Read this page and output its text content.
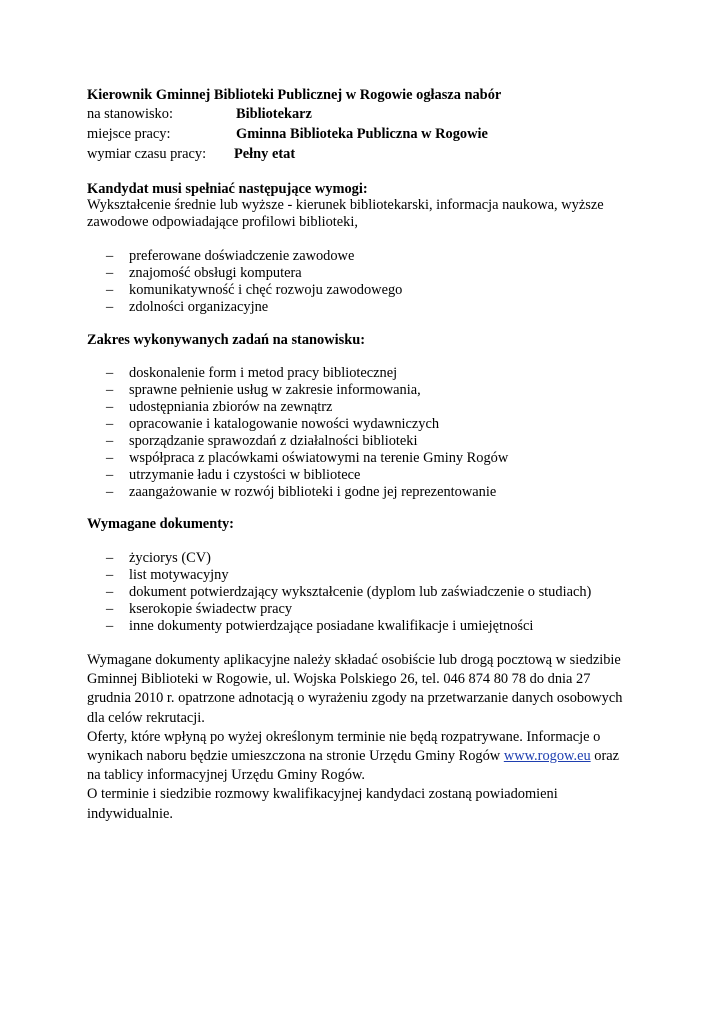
Kierownik Gminnej Biblioteki Publicznej w Rogowie ogłasza nabór
na stanowisko:	Bibliotekarz
miejsce pracy:	Gminna Biblioteka Publiczna w Rogowie
wymiar czasu pracy: Pełny etat
Kandydat musi spełniać następujące wymogi:
Wykształcenie średnie lub wyższe - kierunek bibliotekarski, informacja naukowa, wyższe
zawodowe odpowiadające profilowi biblioteki,
– preferowane doświadczenie zawodowe
– znajomość obsługi komputera
– komunikatywność i chęć rozwoju zawodowego
– zdolności organizacyjne
Zakres wykonywanych zadań na stanowisku:
– doskonalenie form i metod pracy bibliotecznej
– sprawne pełnienie usług w zakresie informowania,
– udostępniania zbiorów na zewnątrz
– opracowanie i katalogowanie nowości wydawniczych
– sporządzanie sprawozdań z działalności biblioteki
– współpraca z placówkami oświatowymi na terenie Gminy Rogów
– utrzymanie ładu i czystości w bibliotece
– zaangażowanie w rozwój biblioteki i godne jej reprezentowanie
Wymagane dokumenty:
– życiorys (CV)
– list motywacyjny
– dokument potwierdzający wykształcenie (dyplom lub zaświadczenie o studiach)
– kserokopie świadectw pracy
– inne dokumenty potwierdzające posiadane kwalifikacje i umiejętności
Wymagane dokumenty aplikacyjne należy składać osobiście lub drogą pocztową w siedzibie
Gminnej Biblioteki w Rogowie, ul. Wojska Polskiego 26, tel. 046 874 80 78 do dnia 27
grudnia 2010 r. opatrzone adnotacją o wyrażeniu zgody na przetwarzanie danych osobowych
dla celów rekrutacji.
Oferty, które wpłyną po wyżej określonym terminie nie będą rozpatrywane. Informacje o
wynikach naboru będzie umieszczona na stronie Urzędu Gminy Rogów www.rogow.eu oraz
na tablicy informacyjnej Urzędu Gminy Rogów.
O terminie i siedzibie rozmowy kwalifikacyjnej kandydaci zostaną powiadomieni
indywidualnie.
